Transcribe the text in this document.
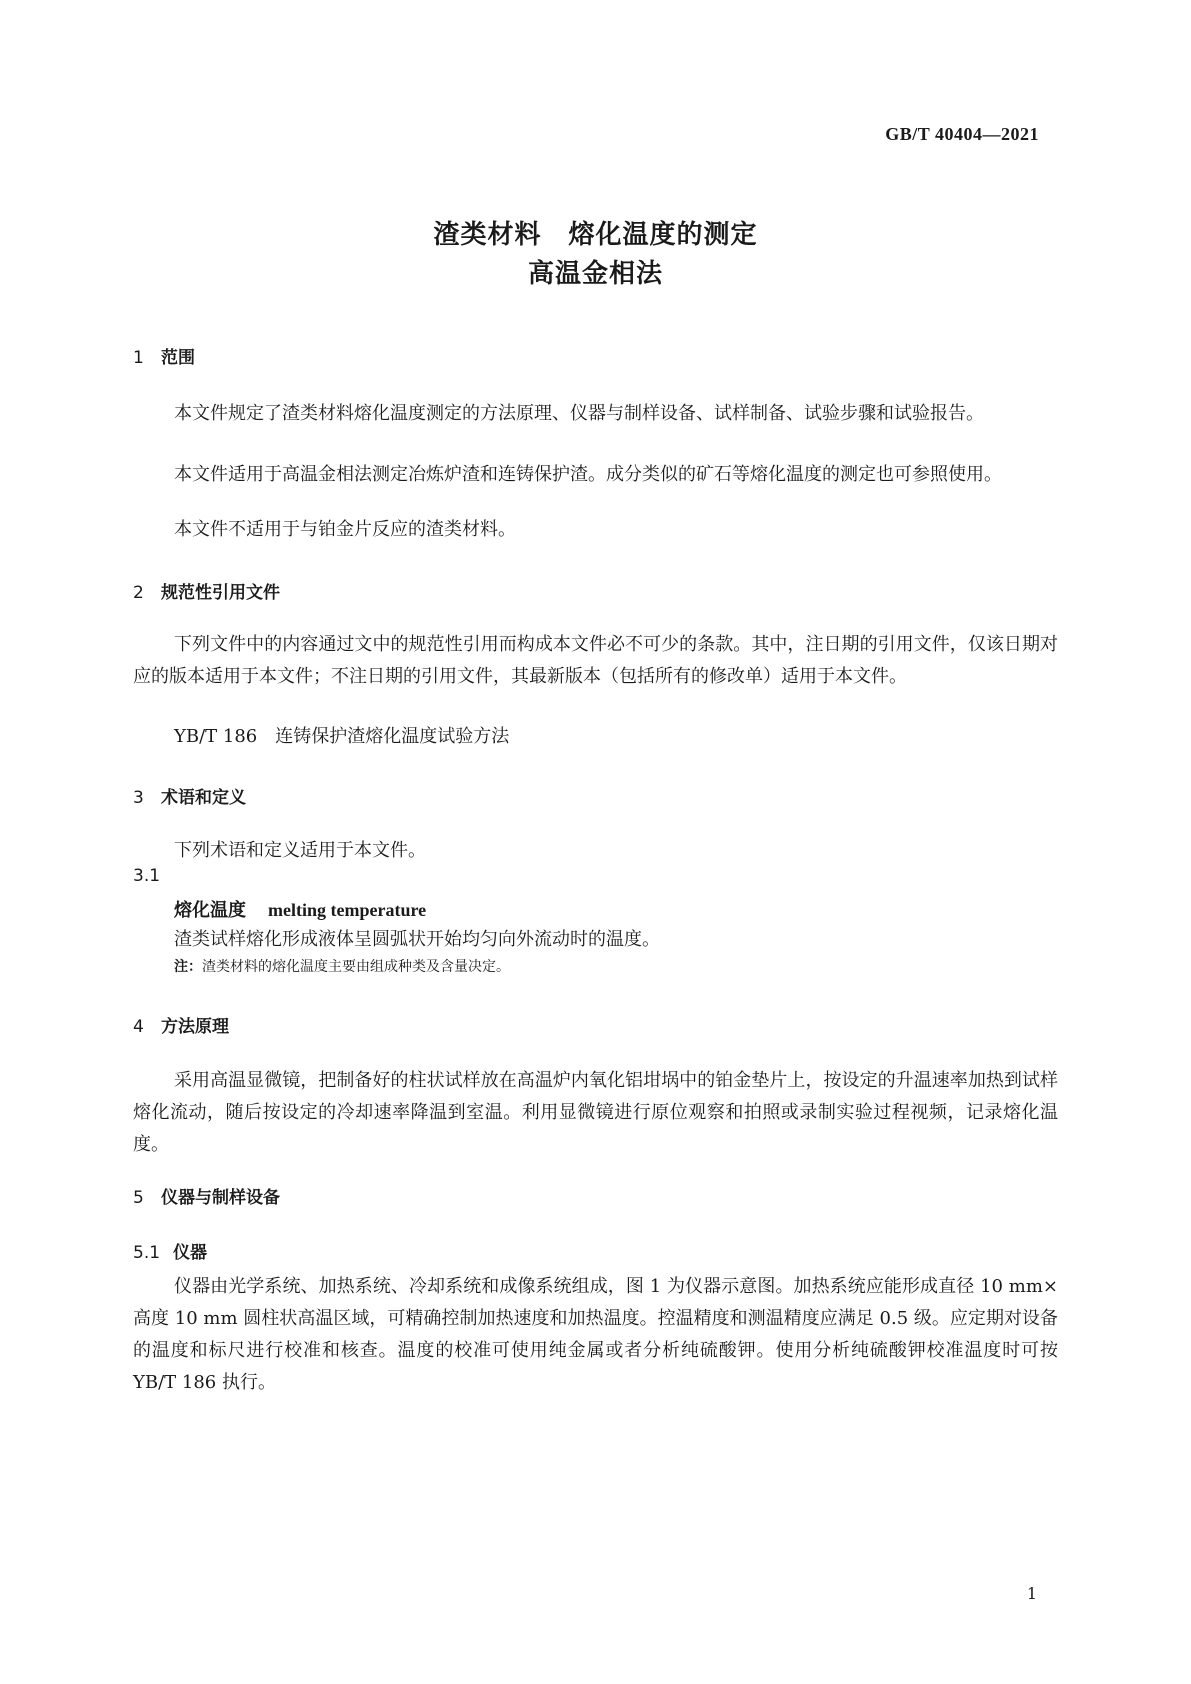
GB/T 40404—2021
渣类材料　熔化温度的测定
高温金相法
1 范围
本文件规定了渣类材料熔化温度测定的方法原理、仪器与制样设备、试样制备、试验步骤和试验报告。
本文件适用于高温金相法测定冶炼炉渣和连铸保护渣。成分类似的矿石等熔化温度的测定也可参照使用。
本文件不适用于与铂金片反应的渣类材料。
2 规范性引用文件
下列文件中的内容通过文中的规范性引用而构成本文件必不可少的条款。其中，注日期的引用文件，仅该日期对应的版本适用于本文件；不注日期的引用文件，其最新版本（包括所有的修改单）适用于本文件。
YB/T 186　连铸保护渣熔化温度试验方法
3 术语和定义
下列术语和定义适用于本文件。
3.1
熔化温度 melting temperature
渣类试样熔化形成液体呈圆弧状开始均匀向外流动时的温度。
注：渣类材料的熔化温度主要由组成种类及含量决定。
4 方法原理
采用高温显微镜，把制备好的柱状试样放在高温炉内氧化铝坩埚中的铂金垫片上，按设定的升温速率加热到试样熔化流动，随后按设定的冷却速率降温到室温。利用显微镜进行原位观察和拍照或录制实验过程视频，记录熔化温度。
5 仪器与制样设备
5.1 仪器
仪器由光学系统、加热系统、冷却系统和成像系统组成，图 1 为仪器示意图。加热系统应能形成直径 10 mm×高度 10 mm 圆柱状高温区域，可精确控制加热速度和加热温度。控温精度和测温精度应满足 0.5 级。应定期对设备的温度和标尺进行校准和核查。温度的校准可使用纯金属或者分析纯硫酸钾。使用分析纯硫酸钾校准温度时可按 YB/T 186 执行。
1
